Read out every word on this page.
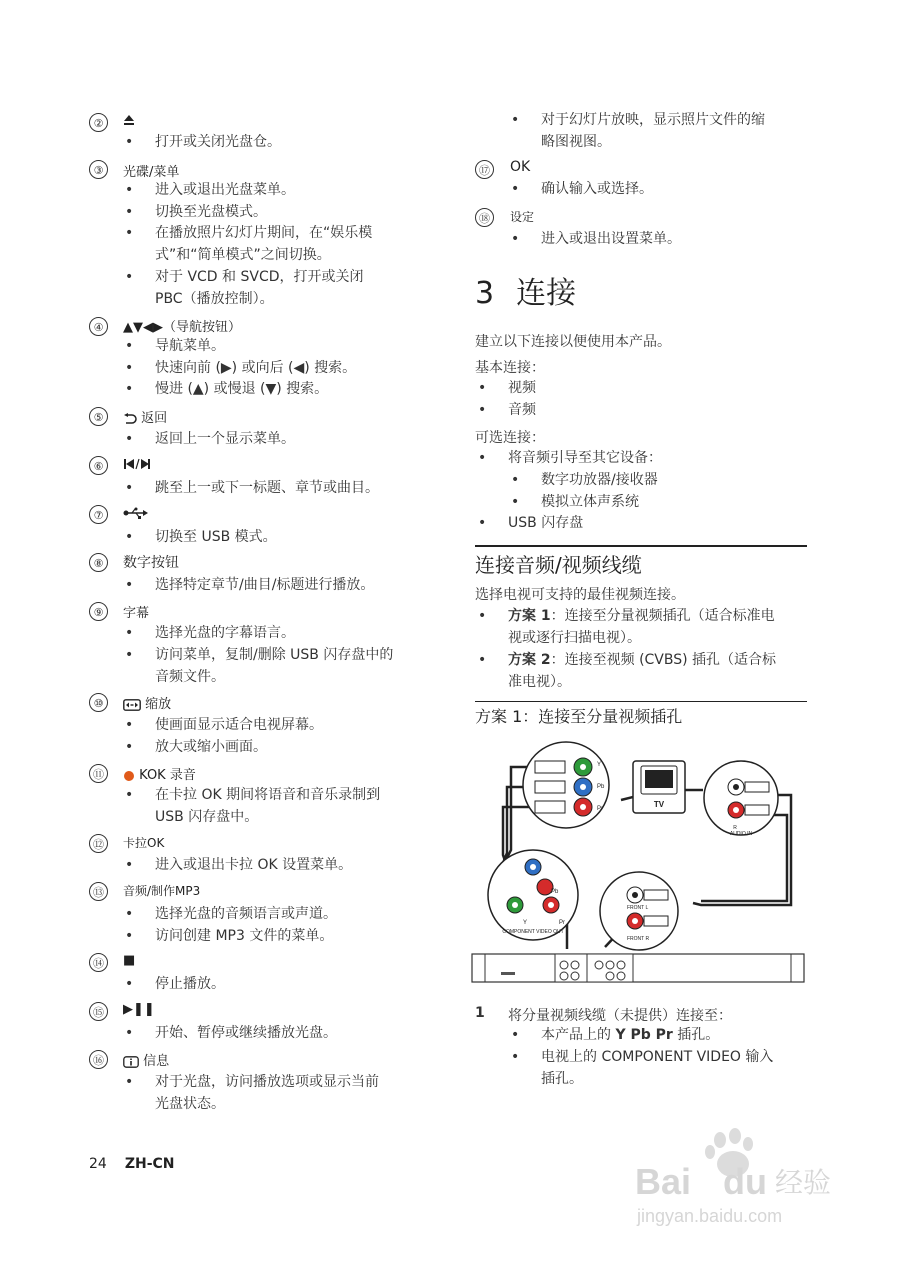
②
• 打开或关闭光盘仓。
③	光碟/菜单
• 进入或退出光盘菜单。
• 切换至光盘模式。
• 在播放照片幻灯片期间，在“娱乐模
式”和“简单模式”之间切换。
• 对于 VCD 和 SVCD，打开或关闭
PBC（播放控制）。
④	▲▼◀▶（导航按钮）
• 导航菜单。
• 快速向前 (▶) 或向后 (◀) 搜索。
• 慢进 (▲) 或慢退 (▼) 搜索。
⑤	返回
• 返回上一个显示菜单。
⑥
• 跳至上一或下一标题、章节或曲目。
⑦
• 切换至 USB 模式。
⑧	数字按钮
• 选择特定章节/曲目/标题进行播放。
⑨	字幕
• 选择光盘的字幕语言。
• 访问菜单，复制/删除 USB 闪存盘中的
音频文件。
⑩	缩放
• 使画面显示适合电视屏幕。
• 放大或缩小画面。
⑪	KOK 录音
• 在卡拉 OK 期间将语音和音乐录制到
USB 闪存盘中。
⑫	卡拉OK
• 进入或退出卡拉 OK 设置菜单。
⑬	音频/制作MP3
• 选择光盘的音频语言或声道。
• 访问创建 MP3 文件的菜单。
⑭	■
• 停止播放。
⑮	▶❚❚
• 开始、暂停或继续播放光盘。
⑯	信息
• 对于光盘，访问播放选项或显示当前
光盘状态。
• 对于幻灯片放映，显示照片文件的缩
略图视图。
⑰ OK
• 确认输入或选择。
⑱	设定
• 进入或退出设置菜单。
3 连接
建立以下连接以便使用本产品。
基本连接：
• 视频
• 音频
可选连接：
• 将音频引导至其它设备：
• 数字功放器/接收器
• 模拟立体声系统
• USB 闪存盘
连接音频/视频线缆
选择电视可支持的最佳视频连接。
• 方案 1：连接至分量视频插孔（适合标准电
视或逐行扫描电视）。
• 方案 2：连接至视频 (CVBS) 插孔（适合标
准电视）。
方案 1：连接至分量视频插孔
Y
Pb
Pr	TV
R
AUDIO IN
Pb
Y	Pr
COMPONENT VIDEO OUT
FRONT L
FRONT R
1 将分量视频线缆（未提供）连接至：
• 本产品上的 Y Pb Pr 插孔。
• 电视上的 COMPONENT VIDEO 输入
插孔。
24 ZH-CN	Bai du 经验
jingyan.baidu.com
